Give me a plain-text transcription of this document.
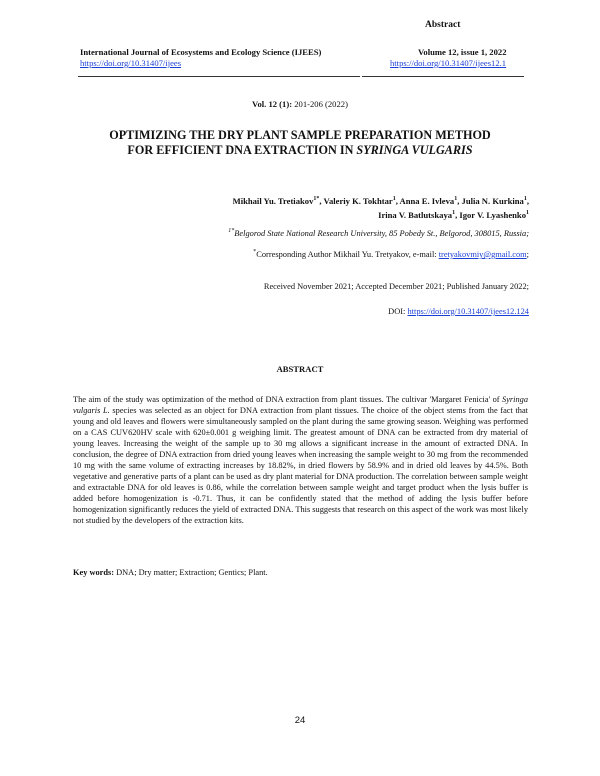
Abstract
International Journal of Ecosystems and Ecology Science (IJEES)
https://doi.org/10.31407/ijees
Volume 12, issue 1, 2022
https://doi.org/10.31407/ijees12.1
Vol. 12 (1): 201-206 (2022)
OPTIMIZING THE DRY PLANT SAMPLE PREPARATION METHOD
FOR EFFICIENT DNA EXTRACTION IN SYRINGA VULGARIS
Mikhail Yu. Tretiakov$^{1*}$, Valeriy K. Tokhtar$^1$, Anna E. Ivleva$^1$, Julia N. Kurkina$^1$,
Irina V. Batlutskaya$^1$, Igor V. Lyashenko$^1$
$^{1*}$Belgorod State National Research University, 85 Pobedy St., Belgorod, 308015, Russia;
*Corresponding Author Mikhail Yu. Tretyakov, e-mail: tretyakovmiy@gmail.com;
Received November 2021; Accepted December 2021; Published January 2022;
DOI: https://doi.org/10.31407/ijees12.124
ABSTRACT
The aim of the study was optimization of the method of DNA extraction from plant tissues. The cultivar 'Margaret Fenicia' of Syringa vulgaris L. species was selected as an object for DNA extraction from plant tissues. The choice of the object stems from the fact that young and old leaves and flowers were simultaneously sampled on the plant during the same growing season. Weighing was performed on a CAS CUV620HV scale with 620±0.001 g weighing limit. The greatest amount of DNA can be extracted from dry material of young leaves. Increasing the weight of the sample up to 30 mg allows a significant increase in the amount of extracted DNA. In conclusion, the degree of DNA extraction from dried young leaves when increasing the sample weight to 30 mg from the recommended 10 mg with the same volume of extracting increases by 18.82%, in dried flowers by 58.9% and in dried old leaves by 44.5%. Both vegetative and generative parts of a plant can be used as dry plant material for DNA production. The correlation between sample weight and extractable DNA for old leaves is 0.86, while the correlation between sample weight and target product when the lysis buffer is added before homogenization is -0.71. Thus, it can be confidently stated that the method of adding the lysis buffer before homogenization significantly reduces the yield of extracted DNA. This suggests that research on this aspect of the work was most likely not studied by the developers of the extraction kits.
Key words: DNA; Dry matter; Extraction; Gentics; Plant.
24
